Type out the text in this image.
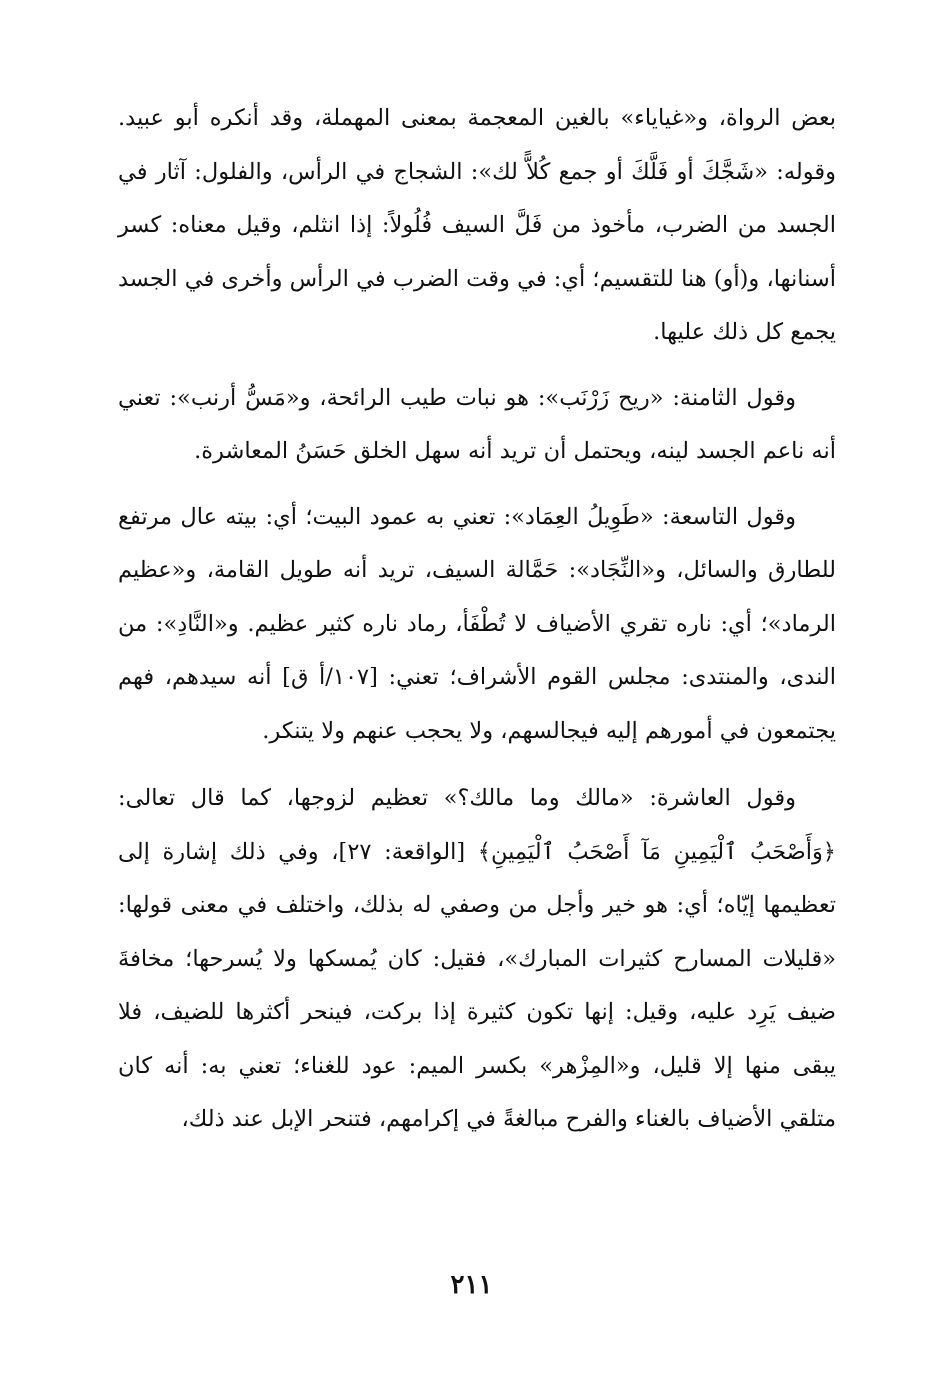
بعض الرواة، و«غياياء» بالغين المعجمة بمعنى المهملة، وقد أنكره أبو عبيد. وقوله: «شَجَّكَ أو فَلَّكَ أو جمع كُلاًّ لك»: الشجاج في الرأس، والفلول: آثار في الجسد من الضرب، مأخوذ من فَلَّ السيف فُلُولاً: إذا انثلم، وقيل معناه: كسر أسنانها، و(أو) هنا للتقسيم؛ أي: في وقت الضرب في الرأس وأخرى في الجسد يجمع كل ذلك عليها.

وقول الثامنة: «ريح زَرْنَب»: هو نبات طيب الرائحة، و«مَسُّ أرنب»: تعني أنه ناعم الجسد لينه، ويحتمل أن تريد أنه سهل الخلق حَسَنُ المعاشرة.

وقول التاسعة: «طَوِيلُ العِمَاد»: تعني به عمود البيت؛ أي: بيته عال مرتفع للطارق والسائل، و«النِّجَاد»: حَمَّالة السيف، تريد أنه طويل القامة، و«عظيم الرماد»؛ أي: ناره تقري الأضياف لا تُطْفَأ، رماد ناره كثير عظيم. و«النَّادِ»: من الندى، والمنتدى: مجلس القوم الأشراف؛ تعني: [١٠٧/أ ق] أنه سيدهم، فهم يجتمعون في أمورهم إليه فيجالسهم، ولا يحجب عنهم ولا يتنكر.

وقول العاشرة: «مالك وما مالك؟» تعظيم لزوجها، كما قال تعالى: ﴿وَأَصْحَبُ ٱلْيَمِينِ مَآ أَصْحَبُ ٱلْيَمِينِ﴾ [الواقعة: ٢٧]، وفي ذلك إشارة إلى تعظيمها إيّاه؛ أي: هو خير وأجل من وصفي له بذلك، واختلف في معنى قولها: «قليلات المسارح كثيرات المبارك»، فقيل: كان يُمسكها ولا يُسرحها؛ مخافةَ ضيف يَرِد عليه، وقيل: إنها تكون كثيرة إذا بركت، فينحر أكثرها للضيف، فلا يبقى منها إلا قليل، و«المِزْهر» بكسر الميم: عود للغناء؛ تعني به: أنه كان متلقي الأضياف بالغناء والفرح مبالغةً في إكرامهم، فتنحر الإبل عند ذلك،

٢١١
